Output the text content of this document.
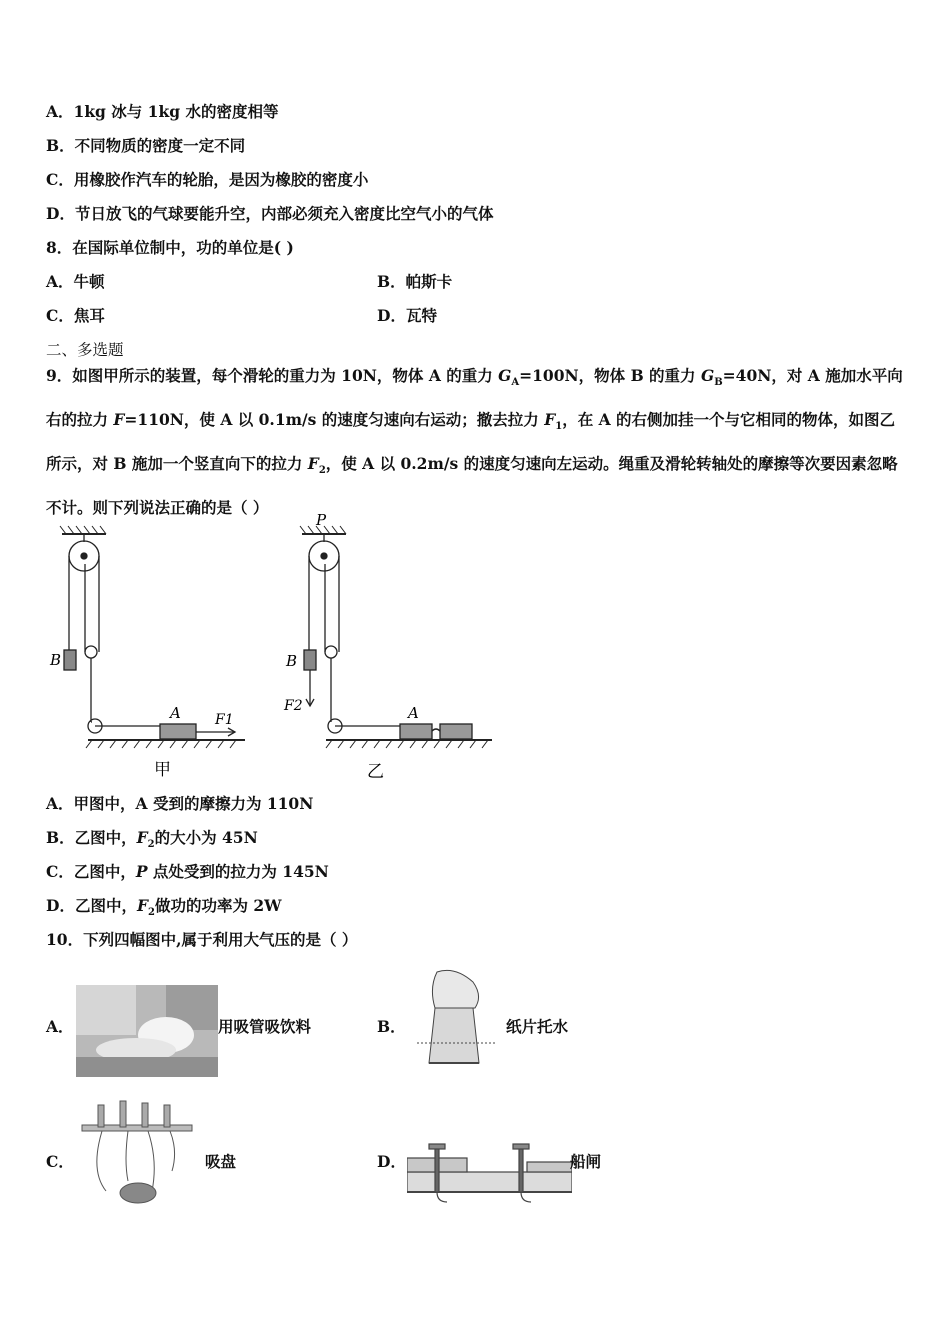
A．1kg 冰与 1kg 水的密度相等
B．不同物质的密度一定不同
C．用橡胶作汽车的轮胎，是因为橡胶的密度小
D．节日放飞的气球要能升空，内部必须充入密度比空气小的气体
8．在国际单位制中，功的单位是( )
A．牛顿	B．帕斯卡
C．焦耳	D．瓦特
二、多选题
9．如图甲所示的装置，每个滑轮的重力为 10N，物体 A 的重力 $G_A=100N$，物体 B 的重力 $G_B=40N$，对 A 施加水平向右的拉力 F=110N，使 A 以 0.1m/s 的速度匀速向右运动；撤去拉力 $F_1$，在 A 的右侧加挂一个与它相同的物体，如图乙所示，对 B 施加一个竖直向下的拉力 $F_2$，使 A 以 0.2m/s 的速度匀速向左运动。绳重及滑轮转轴处的摩擦等次要因素忽略不计。则下列说法正确的是（ ）
B
A F1
甲
P
B
F2	A
乙
A．甲图中，A 受到的摩擦力为 110N
B．乙图中，$F_2$的大小为 45N
C．乙图中，P 点处受到的拉力为 145N
D．乙图中，$F_2$做功的功率为 2W
10．下列四幅图中,属于利用大气压的是（ ）
A．	用吸管吸饮料	B．	纸片托水
C．	吸盘	D．	船闸
